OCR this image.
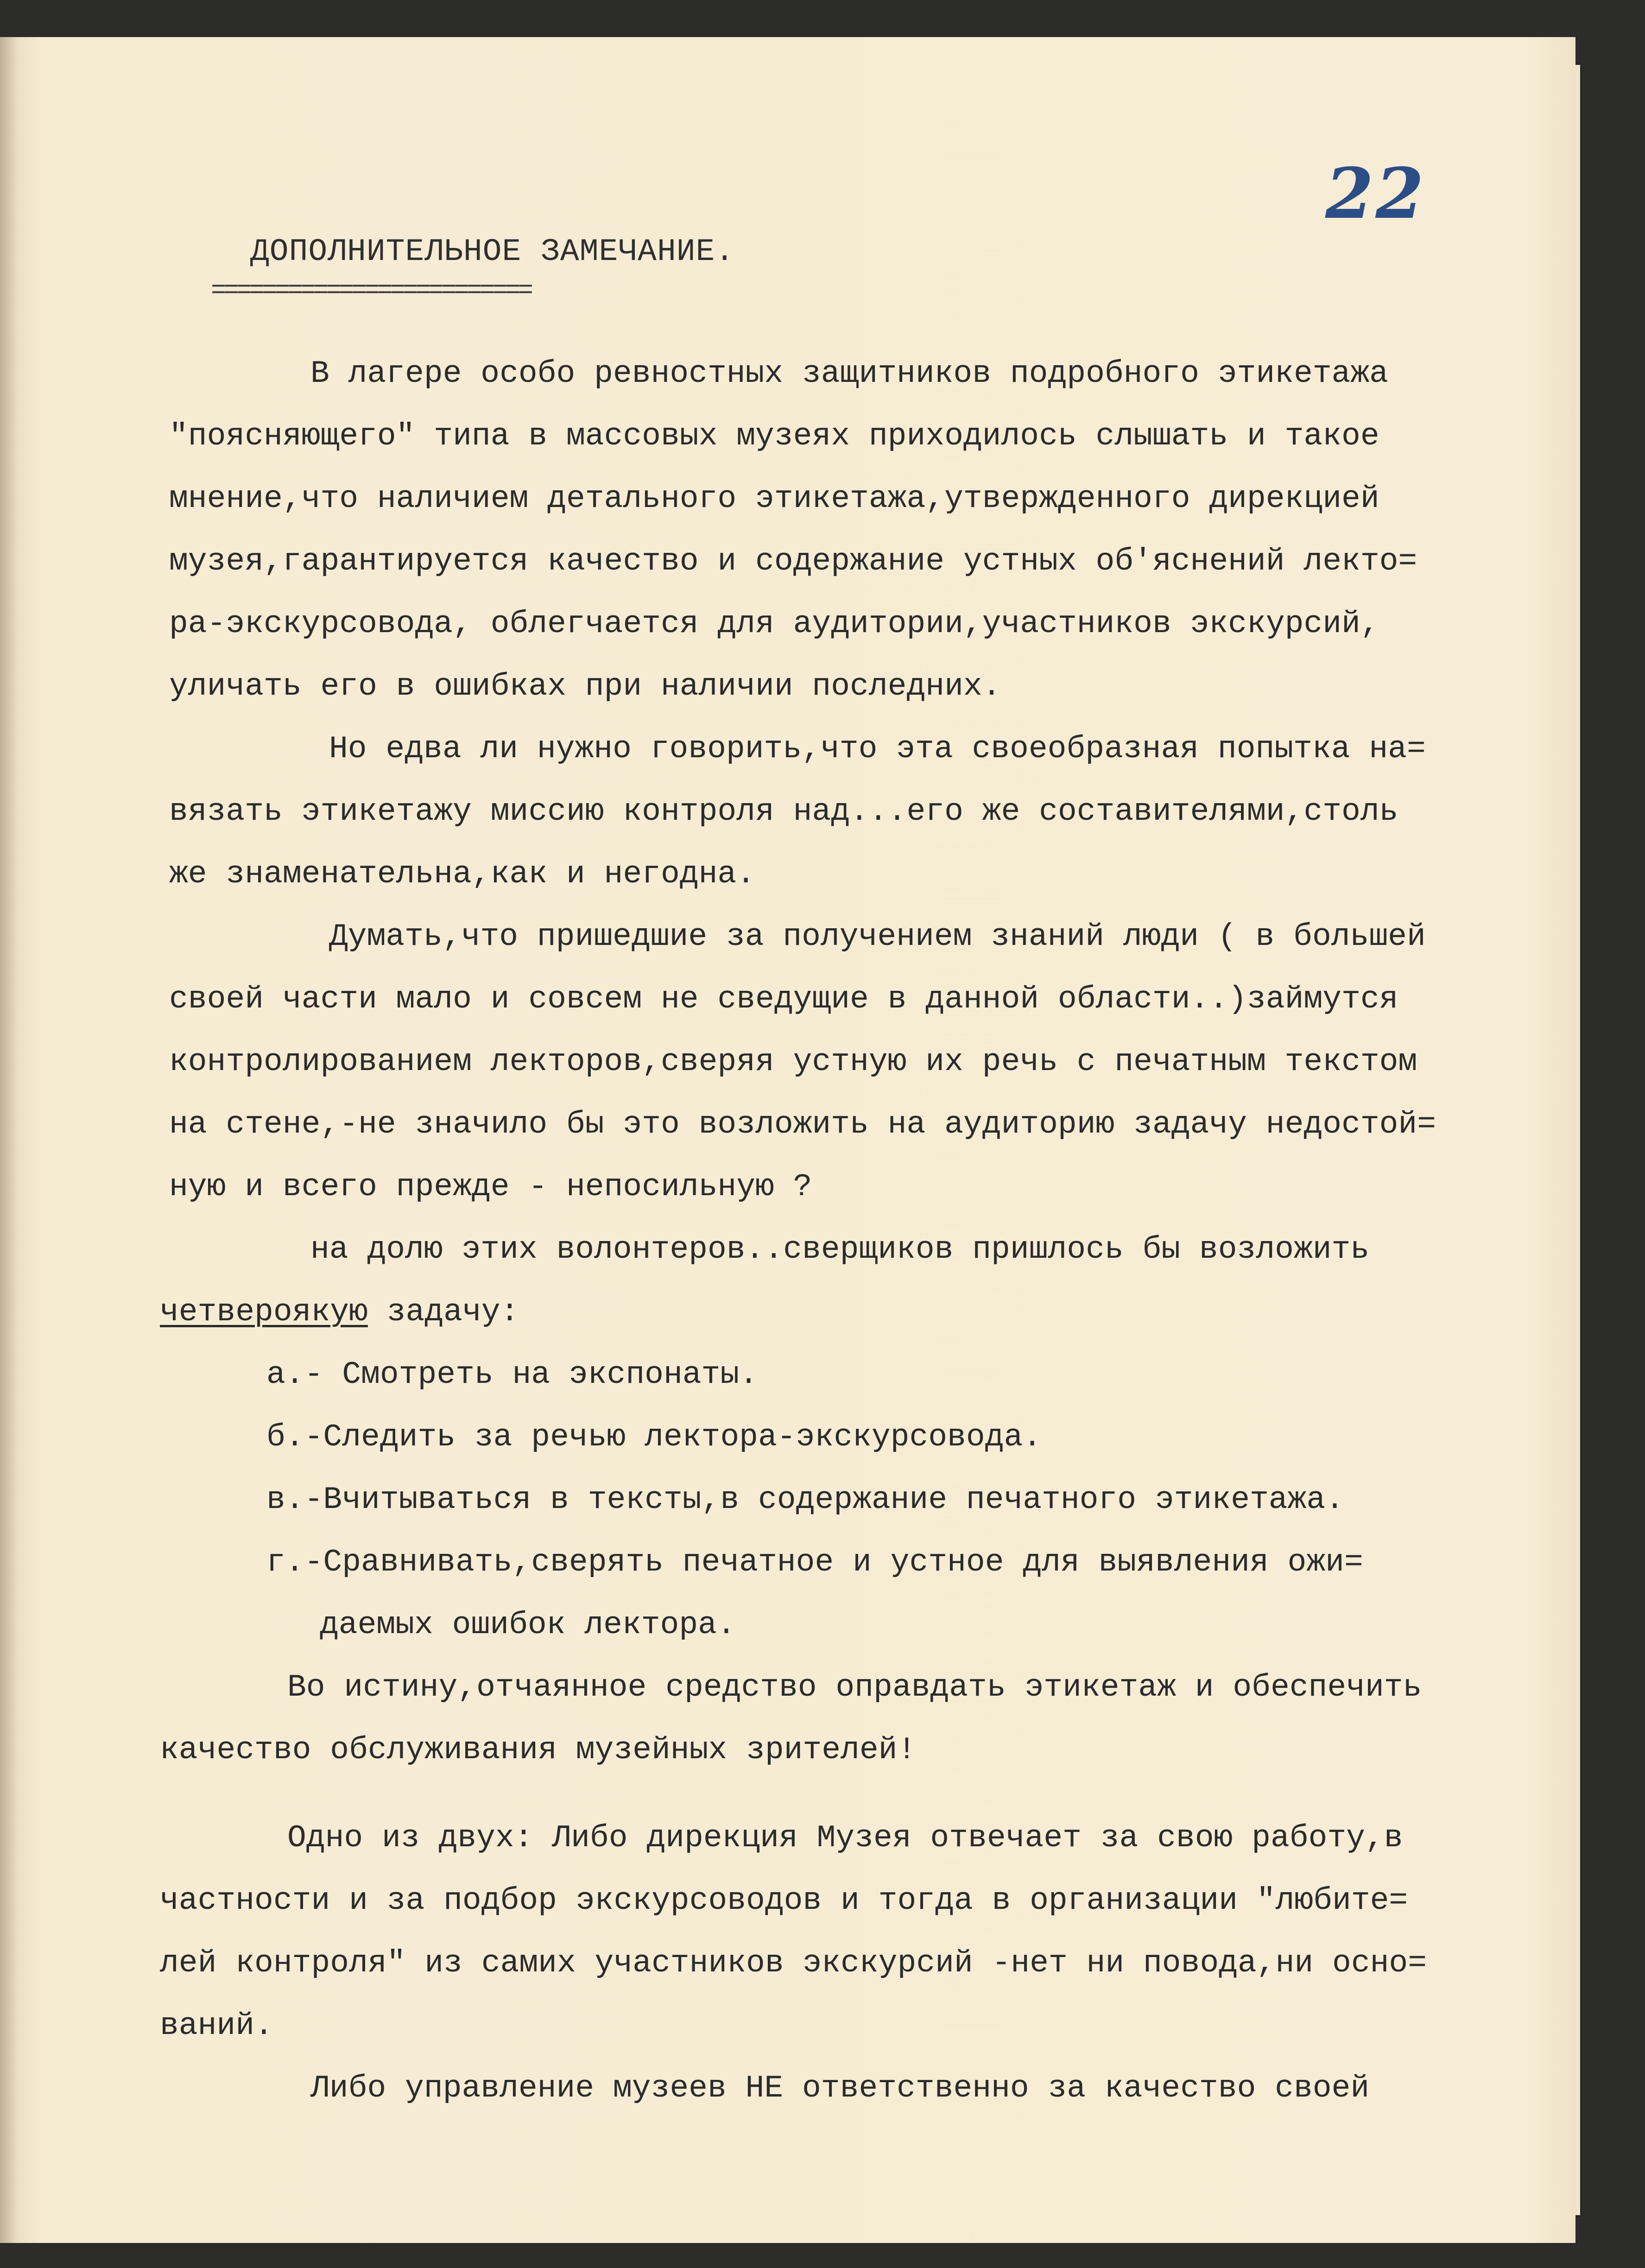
22
ДОПОЛНИТЕЛЬНОЕ ЗАМЕЧАНИЕ.
=========================
В лагере особо ревностных защитников подробного этикетажа
"поясняющего" типа в массовых музеях приходилось слышать и такое
мнение,что наличием детального этикетажа,утвержденного дирекцией
музея,гарантируется качество и содержание устных об'яснений лекто=
ра-экскурсовода, облегчается для аудитории,участников экскурсий,
уличать его в ошибках при наличии последних.
Но едва ли нужно говорить,что эта своеобразная попытка на=
вязать этикетажу миссию контроля над...его же составителями,столь
же знаменательна,как и негодна.
Думать,что пришедшие за получением знаний люди ( в большей
своей части мало и совсем не сведущие в данной области..)займутся
контролированием лекторов,сверяя устную их речь с печатным текстом
на стене,-не значило бы это возложить на аудиторию задачу недостой=
ную и всего прежде - непосильную ?
на долю этих волонтеров..сверщиков пришлось бы возложить
четвероякую задачу:
а.- Смотреть на экспонаты.
б.-Следить за речью лектора-экскурсовода.
в.-Вчитываться в тексты,в содержание печатного этикетажа.
г.-Сравнивать,сверять печатное и устное для выявления ожи=
даемых ошибок лектора.
Во истину,отчаянное средство оправдать этикетаж и обеспечить
качество обслуживания музейных зрителей!
Одно из двух: Либо дирекция Музея отвечает за свою работу,в
частности и за подбор экскурсоводов и тогда в организации "любите=
лей контроля" из самих участников экскурсий -нет ни повода,ни осно=
ваний.
Либо управление музеев НЕ ответственно за качество своей
